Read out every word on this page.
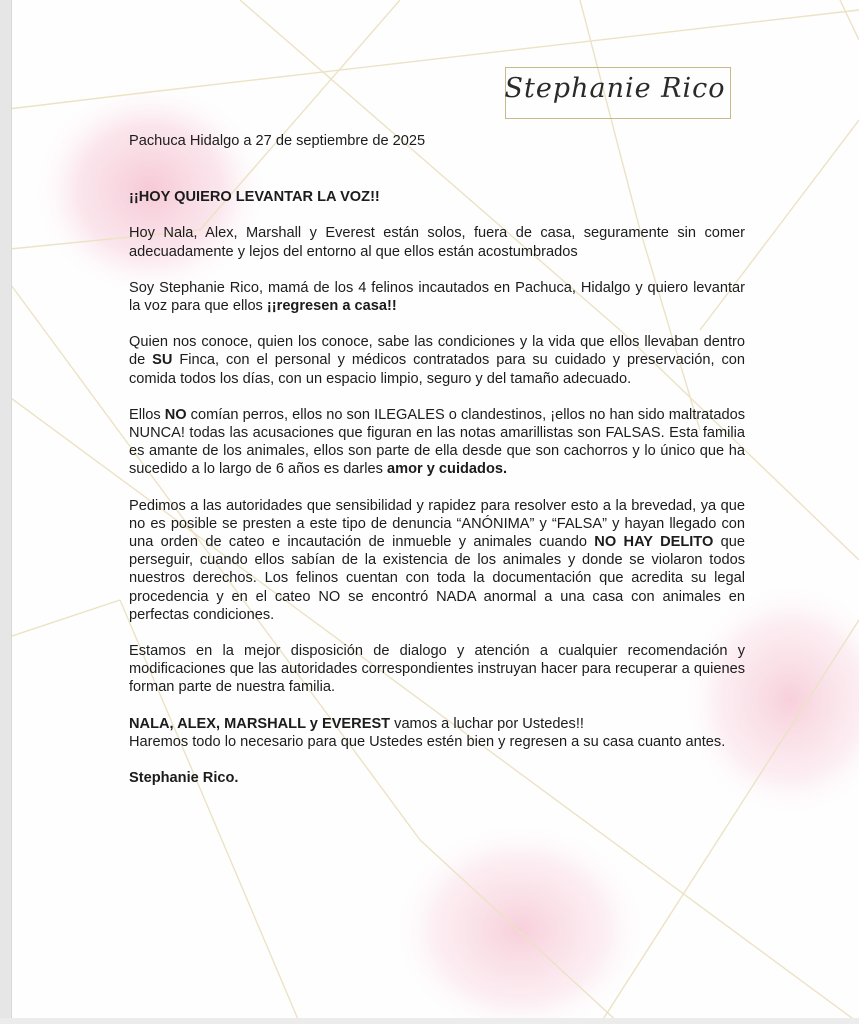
Stephanie Rico

Pachuca Hidalgo a 27 de septiembre de 2025

¡¡HOY QUIERO LEVANTAR LA VOZ!!

Hoy Nala, Alex, Marshall y Everest están solos, fuera de casa, seguramente sin comer adecuadamente y lejos del entorno al que ellos están acostumbrados

Soy Stephanie Rico, mamá de los 4 felinos incautados en Pachuca, Hidalgo y quiero levantar la voz para que ellos ¡¡regresen a casa!!

Quien nos conoce, quien los conoce, sabe las condiciones y la vida que ellos llevaban dentro de SU Finca, con el personal y médicos contratados para su cuidado y preservación, con comida todos los días, con un espacio limpio, seguro y del tamaño adecuado.

Ellos NO comían perros, ellos no son ILEGALES o clandestinos, ¡ellos no han sido maltratados NUNCA! todas las acusaciones que figuran en las notas amarillistas son FALSAS. Esta familia es amante de los animales, ellos son parte de ella desde que son cachorros y lo único que ha sucedido a lo largo de 6 años es darles amor y cuidados.

Pedimos a las autoridades que sensibilidad y rapidez para resolver esto a la brevedad, ya que no es posible se presten a este tipo de denuncia “ANÓNIMA” y “FALSA” y hayan llegado con una orden de cateo e incautación de inmueble y animales cuando NO HAY DELITO que perseguir, cuando ellos sabían de la existencia de los animales y donde se violaron todos nuestros derechos. Los felinos cuentan con toda la documentación que acredita su legal procedencia y en el cateo NO se encontró NADA anormal a una casa con animales en perfectas condiciones.

Estamos en la mejor disposición de dialogo y atención a cualquier recomendación y modificaciones que las autoridades correspondientes instruyan hacer para recuperar a quienes forman parte de nuestra familia.

NALA, ALEX, MARSHALL y EVEREST vamos a luchar por Ustedes!!

Haremos todo lo necesario para que Ustedes estén bien y regresen a su casa cuanto antes.

Stephanie Rico.
